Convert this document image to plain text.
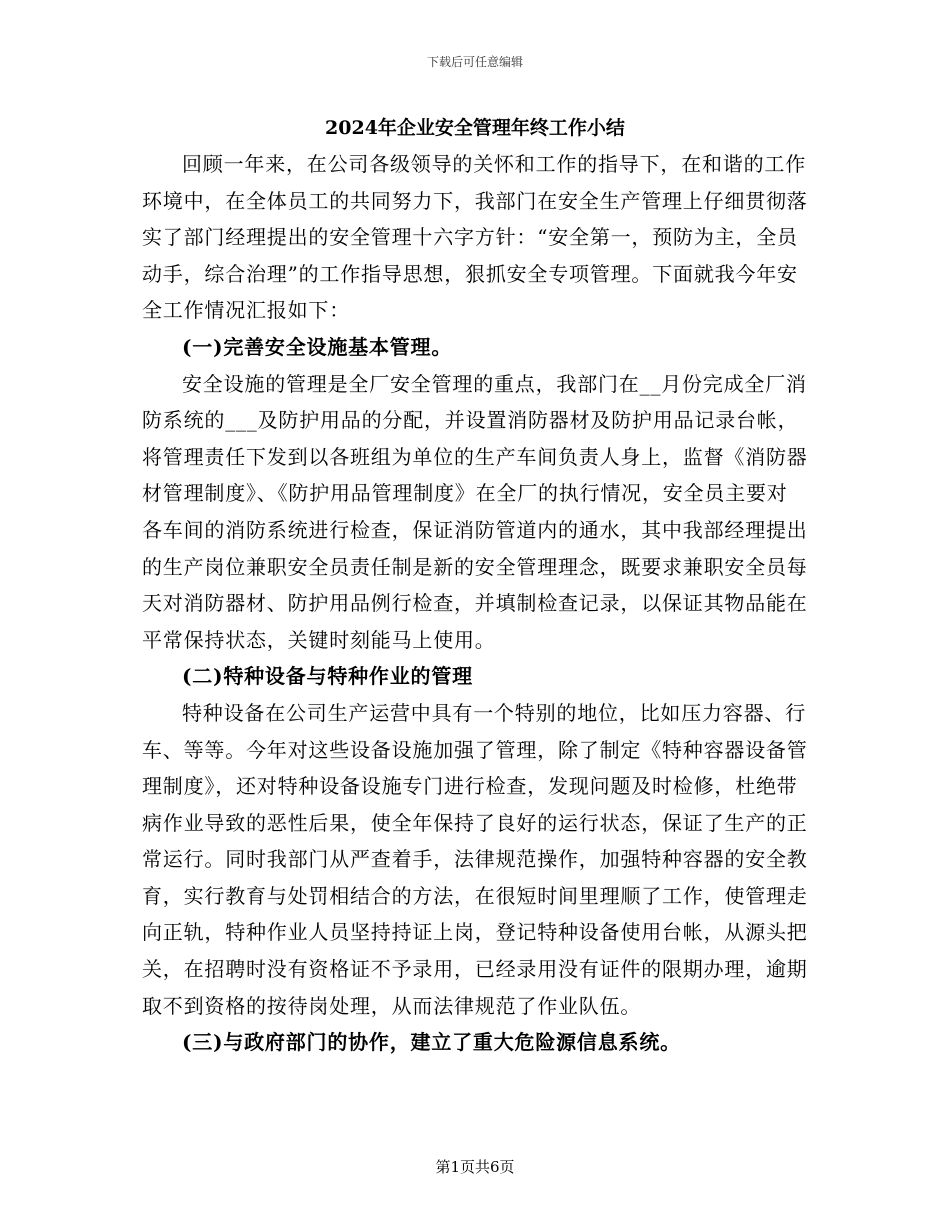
下载后可任意编辑
2024年企业安全管理年终工作小结

回顾一年来，在公司各级领导的关怀和工作的指导下，在和谐的工作环境中，在全体员工的共同努力下，我部门在安全生产管理上仔细贯彻落实了部门经理提出的安全管理十六字方针：“安全第一，预防为主，全员动手，综合治理”的工作指导思想，狠抓安全专项管理。下面就我今年安全工作情况汇报如下：

(一)完善安全设施基本管理。

安全设施的管理是全厂安全管理的重点，我部门在__月份完成全厂消防系统的___及防护用品的分配，并设置消防器材及防护用品记录台帐，将管理责任下发到以各班组为单位的生产车间负责人身上，监督《消防器材管理制度》、《防护用品管理制度》在全厂的执行情况，安全员主要对各车间的消防系统进行检查，保证消防管道内的通水，其中我部经理提出的生产岗位兼职安全员责任制是新的安全管理理念，既要求兼职安全员每天对消防器材、防护用品例行检查，并填制检查记录，以保证其物品能在平常保持状态，关键时刻能马上使用。

(二)特种设备与特种作业的管理

特种设备在公司生产运营中具有一个特别的地位，比如压力容器、行车、等等。今年对这些设备设施加强了管理，除了制定《特种容器设备管理制度》，还对特种设备设施专门进行检查，发现问题及时检修，杜绝带病作业导致的恶性后果，使全年保持了良好的运行状态，保证了生产的正常运行。同时我部门从严查着手，法律规范操作，加强特种容器的安全教育，实行教育与处罚相结合的方法，在很短时间里理顺了工作，使管理走向正轨，特种作业人员坚持持证上岗，登记特种设备使用台帐，从源头把关，在招聘时没有资格证不予录用，已经录用没有证件的限期办理，逾期取不到资格的按待岗处理，从而法律规范了作业队伍。

(三)与政府部门的协作，建立了重大危险源信息系统。

第1页共6页
